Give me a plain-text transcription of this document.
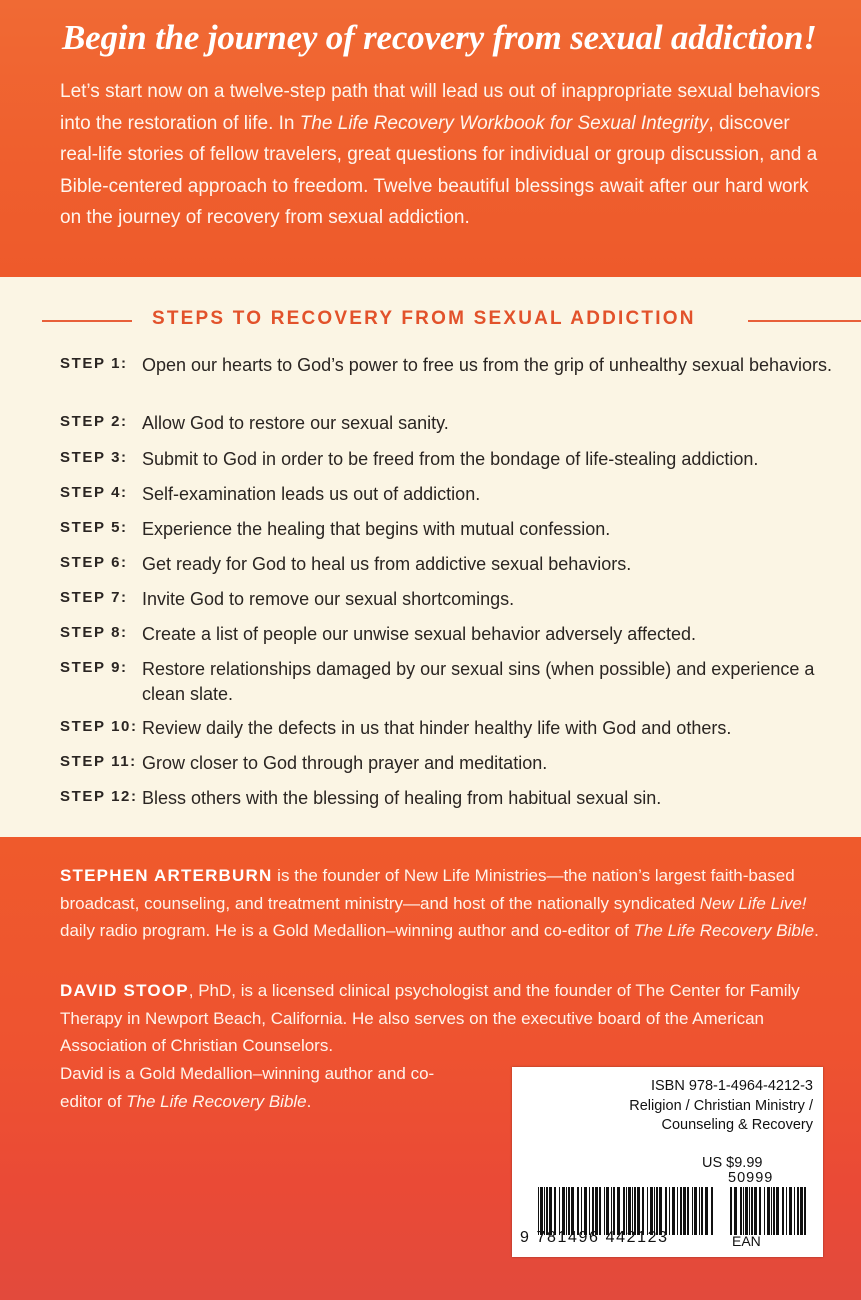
Begin the journey of recovery from sexual addiction!

Let’s start now on a twelve-step path that will lead us out of inappropriate sexual behaviors into the restoration of life. In The Life Recovery Workbook for Sexual Integrity, discover real-life stories of fellow travelers, great questions for individual or group discussion, and a Bible-centered approach to freedom. Twelve beautiful blessings await after our hard work on the journey of recovery from sexual addiction.

STEPS TO RECOVERY FROM SEXUAL ADDICTION
STEP 1: Open our hearts to God’s power to free us from the grip of unhealthy sexual behaviors.
STEP 2: Allow God to restore our sexual sanity.
STEP 3: Submit to God in order to be freed from the bondage of life-stealing addiction.
STEP 4: Self-examination leads us out of addiction.
STEP 5: Experience the healing that begins with mutual confession.
STEP 6: Get ready for God to heal us from addictive sexual behaviors.
STEP 7: Invite God to remove our sexual shortcomings.
STEP 8: Create a list of people our unwise sexual behavior adversely affected.
STEP 9: Restore relationships damaged by our sexual sins (when possible) and experience a clean slate.
STEP 10: Review daily the defects in us that hinder healthy life with God and others.
STEP 11: Grow closer to God through prayer and meditation.
STEP 12: Bless others with the blessing of healing from habitual sexual sin.

STEPHEN ARTERBURN is the founder of New Life Ministries—the nation’s largest faith-based broadcast, counseling, and treatment ministry—and host of the nationally syndicated New Life Live! daily radio program. He is a Gold Medallion–winning author and co-editor of The Life Recovery Bible.

DAVID STOOP, PhD, is a licensed clinical psychologist and the founder of The Center for Family Therapy in Newport Beach, California. He also serves on the executive board of the American Association of Christian Counselors.

David is a Gold Medallion–winning author and co-
editor of The Life Recovery Bible.
ISBN 978-1-4964-4212-3
Religion / Christian Ministry /
Counseling & Recovery
US $9.99
50999
9 781496 442123	EAN
